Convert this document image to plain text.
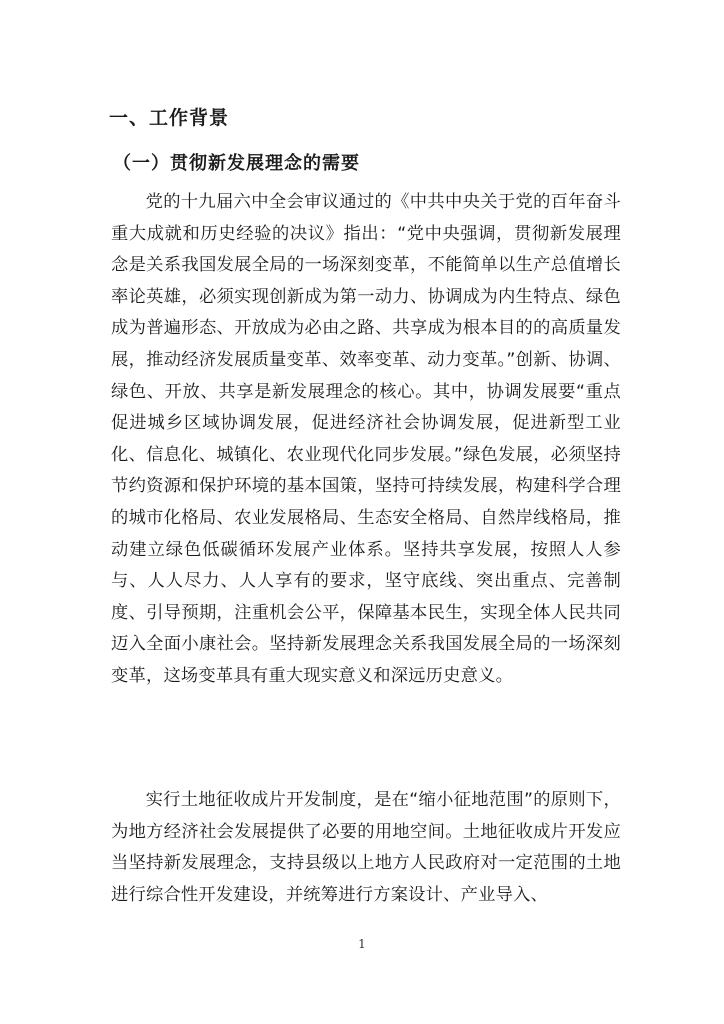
一、工作背景
（一）贯彻新发展理念的需要
党的十九届六中全会审议通过的《中共中央关于党的百年奋斗重大成就和历史经验的决议》指出：“党中央强调，贯彻新发展理念是关系我国发展全局的一场深刻变革，不能简单以生产总值增长率论英雄，必须实现创新成为第一动力、协调成为内生特点、绿色成为普遍形态、开放成为必由之路、共享成为根本目的的高质量发展，推动经济发展质量变革、效率变革、动力变革。”创新、协调、绿色、开放、共享是新发展理念的核心。其中，协调发展要“重点促进城乡区域协调发展，促进经济社会协调发展，促进新型工业化、信息化、城镇化、农业现代化同步发展。”绿色发展，必须坚持节约资源和保护环境的基本国策，坚持可持续发展，构建科学合理的城市化格局、农业发展格局、生态安全格局、自然岸线格局，推动建立绿色低碳循环发展产业体系。坚持共享发展，按照人人参与、人人尽力、人人享有的要求，坚守底线、突出重点、完善制度、引导预期，注重机会公平，保障基本民生，实现全体人民共同迈入全面小康社会。坚持新发展理念关系我国发展全局的一场深刻变革，这场变革具有重大现实意义和深远历史意义。
实行土地征收成片开发制度，是在“缩小征地范围”的原则下，为地方经济社会发展提供了必要的用地空间。土地征收成片开发应当坚持新发展理念，支持县级以上地方人民政府对一定范围的土地进行综合性开发建设，并统筹进行方案设计、产业导入、
1
